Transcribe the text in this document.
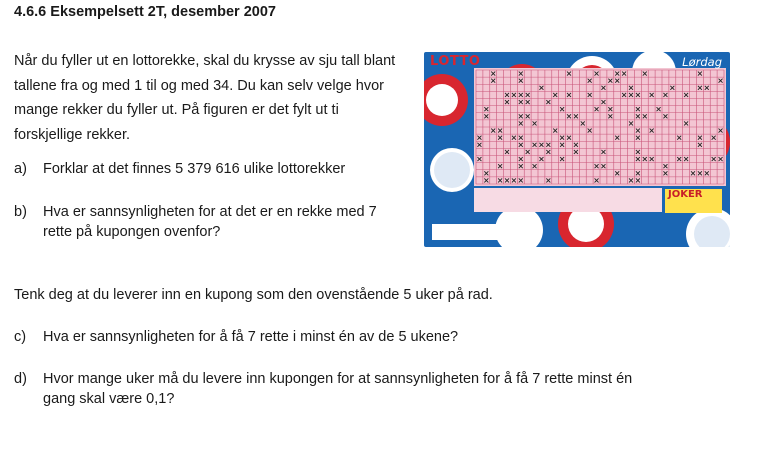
4.6.6 Eksempelsett 2T, desember 2007
Når du fyller ut en lottorekke, skal du krysse av sju tall blant tallene fra og med 1 til og med 34. Du kan selv velge hvor mange rekker du fyller ut. På figuren er det fylt ut ti forskjellige rekker.
a) Forklar at det finnes 5 379 616 ulike lottorekker
b) Hva er sannsynligheten for at det er en rekke med 7
rette på kupongen ovenfor?
Tenk deg at du leverer inn en kupong som den ovenstående 5 uker på rad.
c) Hva er sannsynligheten for å få 7 rette i minst én av de 5 ukene?
d) Hvor mange uker må du levere inn kupongen for at sannsynligheten for å få 7 rette minst én
gang skal være 0,1?
LOTTO	Lørdag
JOKER
